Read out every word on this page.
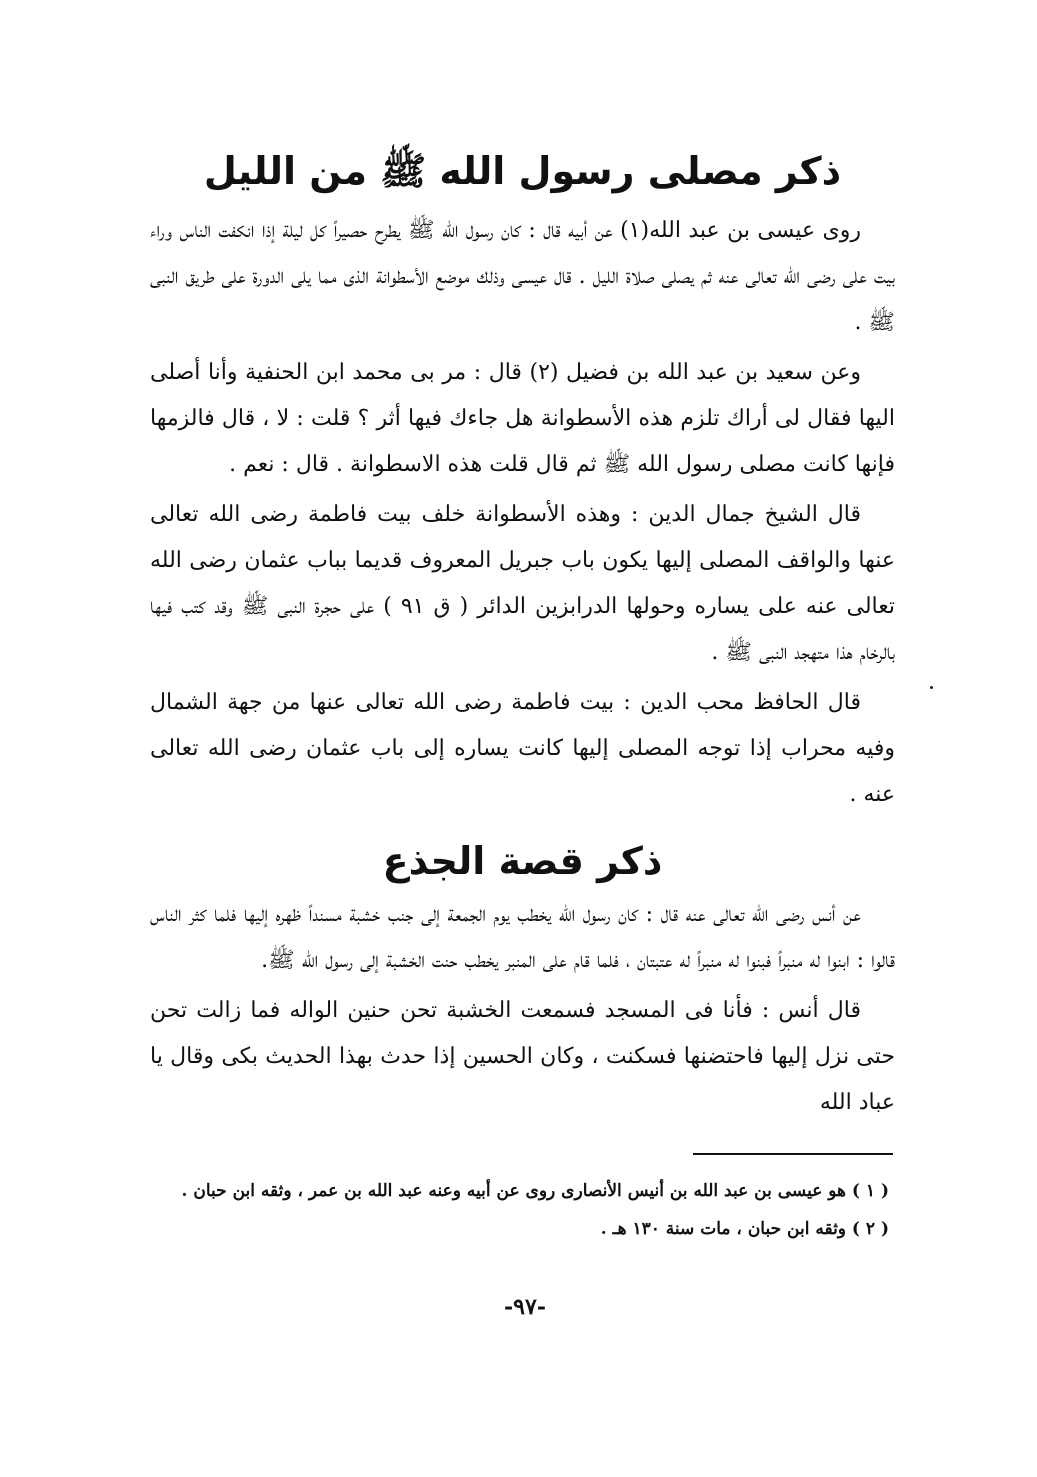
ذكر مصلى رسول الله ﷺ من الليل

روى عيسى بن عبد الله(١) عن أبيه قال : كان رسول الله ﷺ يطرح حصيراً كل ليلة إذا انكفت الناس وراء بيت على رضى الله تعالى عنه ثم يصلى صلاة الليل . قال عيسى وذلك موضع الأسطوانة الذى مما يلى الدورة على طريق النبى ﷺ .

وعن سعيد بن عبد الله بن فضيل (٢) قال : مر بى محمد ابن الحنفية وأنا أصلى اليها فقال لى أراك تلزم هذه الأسطوانة هل جاءك فيها أثر ؟ قلت : لا ، قال فالزمها فإنها كانت مصلى رسول الله ﷺ ثم قال قلت هذه الاسطوانة . قال : نعم .

قال الشيخ جمال الدين : وهذه الأسطوانة خلف بيت فاطمة رضى الله تعالى عنها والواقف المصلى إليها يكون باب جبريل المعروف قديما بباب عثمان رضى الله تعالى عنه على يساره وحولها الدرابزين الدائر ( ق ٩١ ) على حجرة النبى ﷺ وقد كتب فيها بالرخام هذا متهجد النبى ﷺ .

قال الحافظ محب الدين : بيت فاطمة رضى الله تعالى عنها من جهة الشمال وفيه محراب إذا توجه المصلى إليها كانت يساره إلى باب عثمان رضى الله تعالى عنه .

ذكر قصة الجذع

عن أنس رضى الله تعالى عنه قال : كان رسول الله يخطب يوم الجمعة إلى جنب خشبة مسنداً ظهره إليها فلما كثر الناس قالوا : ابنوا له منبراً فبنوا له منبراً له عتبتان ، فلما قام على المنبر يخطب حنت الخشبة إلى رسول الله ﷺ.

قال أنس : فأنا فى المسجد فسمعت الخشبة تحن حنين الواله فما زالت تحن حتى نزل إليها فاحتضنها فسكنت ، وكان الحسين إذا حدث بهذا الحديث بكى وقال يا عباد الله

( ١ ) هو عيسى بن عبد الله بن أنيس الأنصارى روى عن أبيه وعنه عبد الله بن عمر ، وثقه ابن حبان .

( ٢ ) وثقه ابن حبان ، مات سنة ١٣٠ هـ .

-٩٧-
